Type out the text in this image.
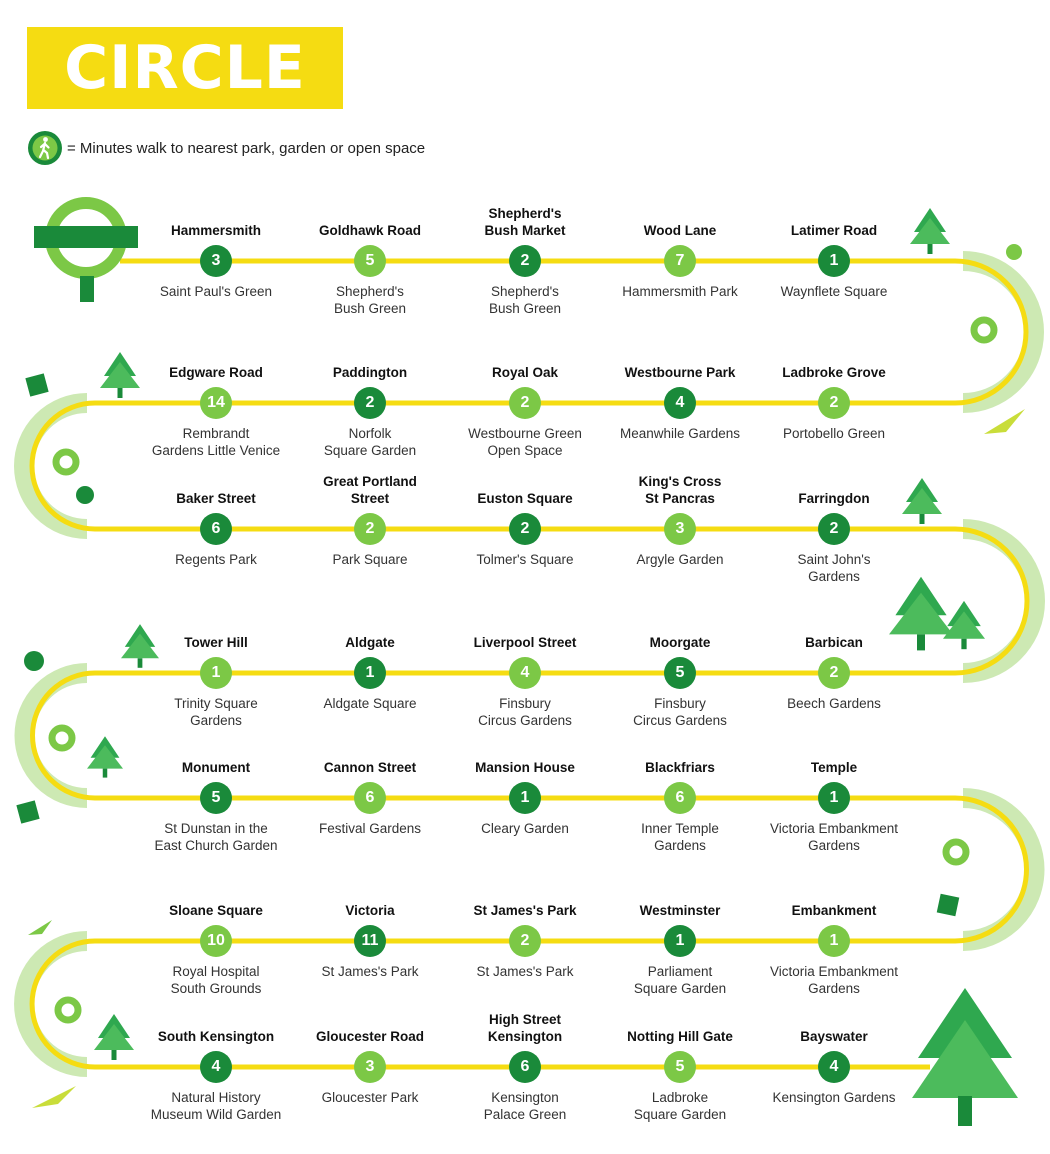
CIRCLE
= Minutes walk to nearest park, garden or open space
Hammersmith
3
Saint Paul's Green
Goldhawk Road
5
Shepherd's
Bush Green
Shepherd's
Bush Market
2
Shepherd's
Bush Green
Wood Lane
7
Hammersmith Park
Latimer Road
1
Waynflete Square
Edgware Road
14
Rembrandt
Gardens Little Venice
Paddington
2
Norfolk
Square Garden
Royal Oak
2
Westbourne Green
Open Space
Westbourne Park
4
Meanwhile Gardens
Ladbroke Grove
2
Portobello Green
Baker Street
6
Regents Park
Great Portland
Street
2
Park Square
Euston Square
2
Tolmer's Square
King's Cross
St Pancras
3
Argyle Garden
Farringdon
2
Saint John's
Gardens
Tower Hill
1
Trinity Square
Gardens
Aldgate
1
Aldgate Square
Liverpool Street
4
Finsbury
Circus Gardens
Moorgate
5
Finsbury
Circus Gardens
Barbican
2
Beech Gardens
Monument
5
St Dunstan in the
East Church Garden
Cannon Street
6
Festival Gardens
Mansion House
1
Cleary Garden
Blackfriars
6
Inner Temple
Gardens
Temple
1
Victoria Embankment
Gardens
Sloane Square
10
Royal Hospital
South Grounds
Victoria
11
St James's Park
St James's Park
2
St James's Park
Westminster
1
Parliament
Square Garden
Embankment
1
Victoria Embankment
Gardens
South Kensington
4
Natural History
Museum Wild Garden
Gloucester Road
3
Gloucester Park
High Street
Kensington
6
Kensington
Palace Green
Notting Hill Gate
5
Ladbroke
Square Garden
Bayswater
4
Kensington Gardens
